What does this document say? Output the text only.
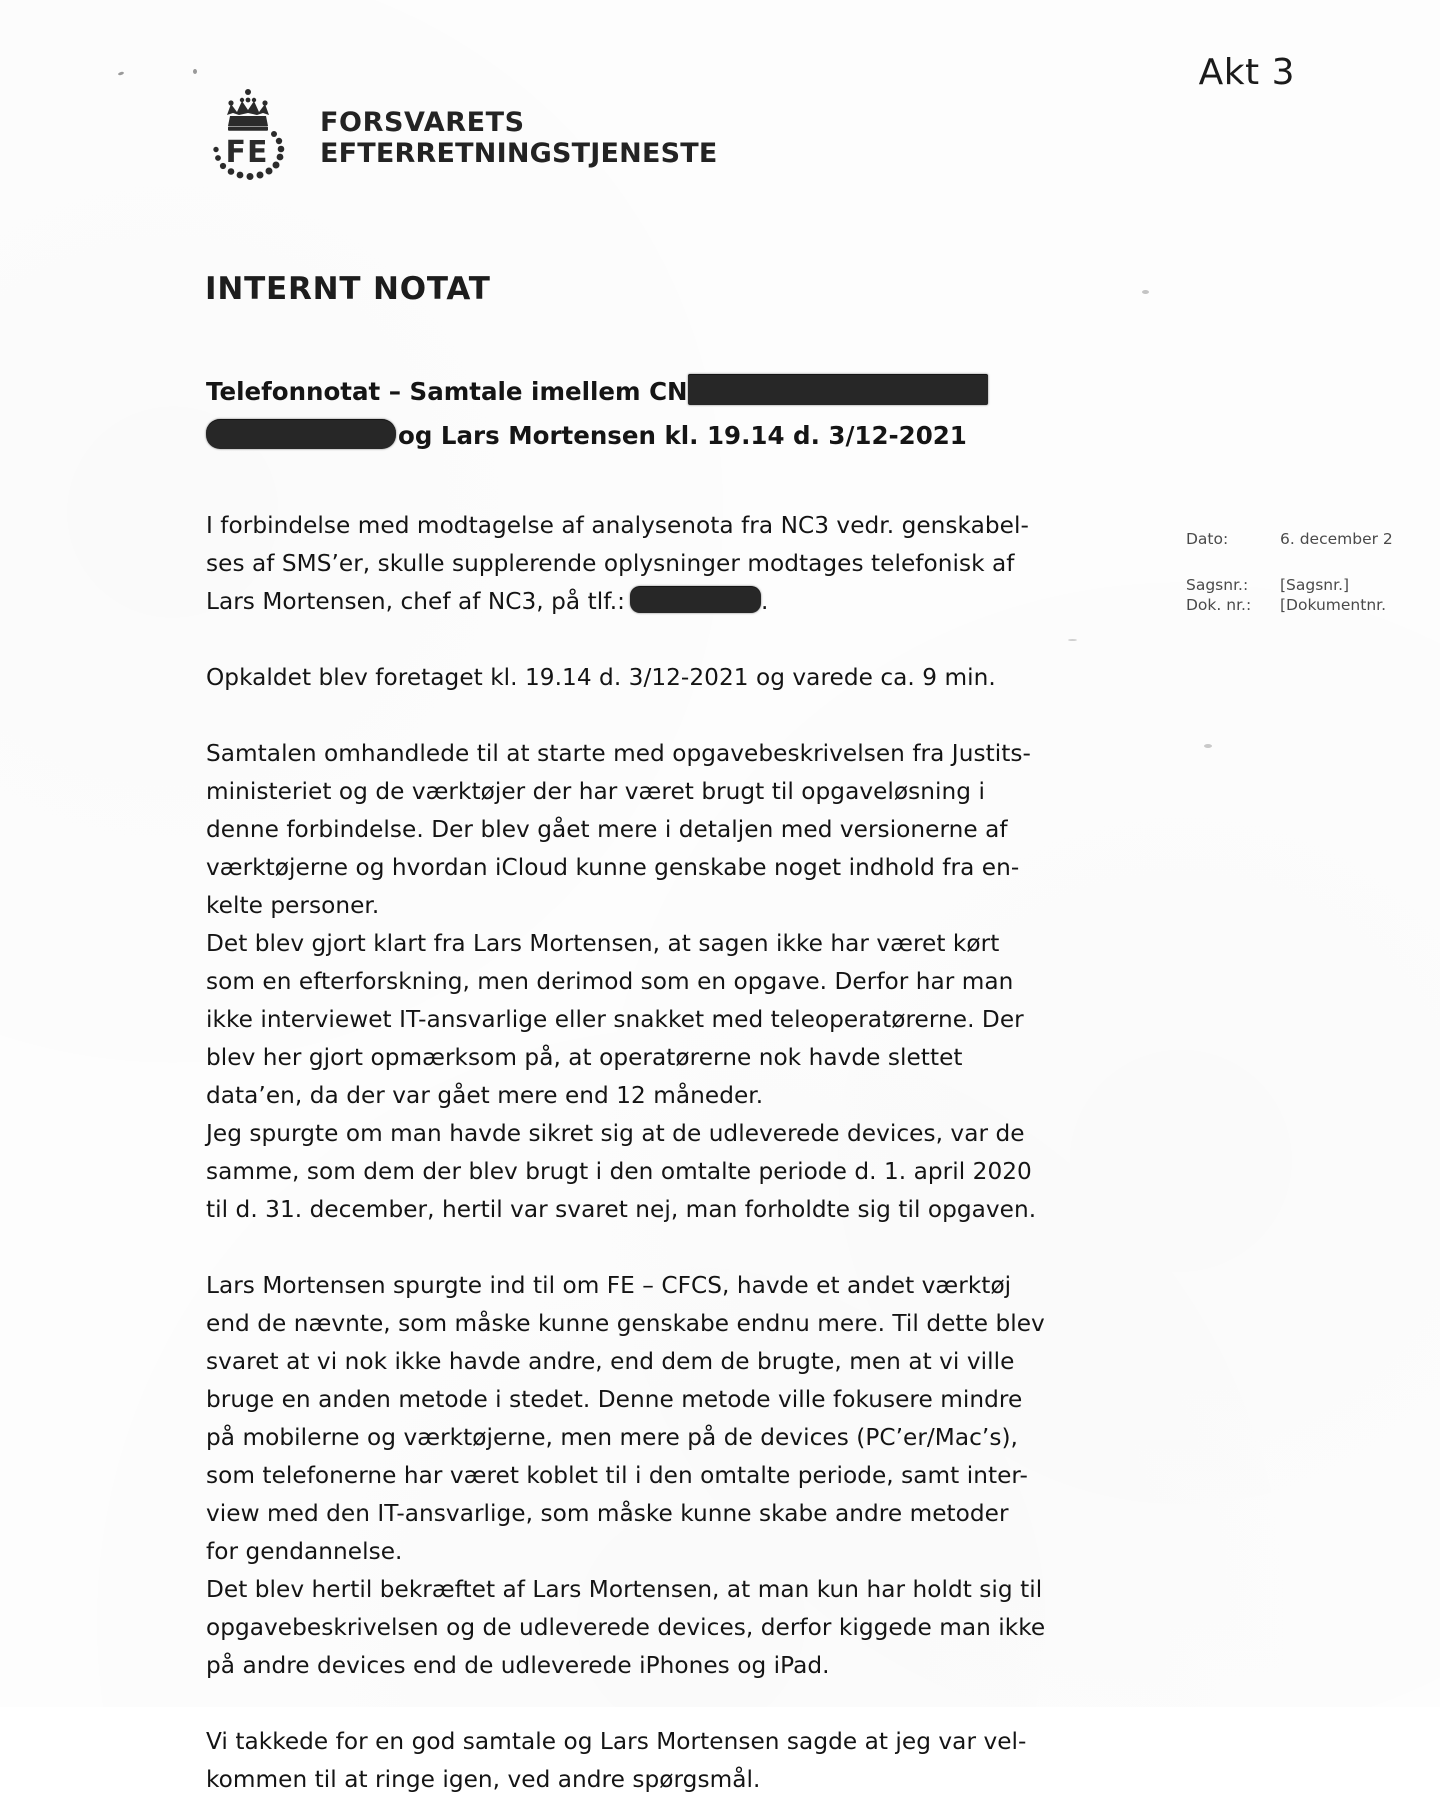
Akt 3
FE
FORSVARETS
EFTERRETNINGSTJENESTE
INTERNT NOTAT
Telefonnotat – Samtale imellem CN
og Lars Mortensen kl. 19.14 d. 3/12-2021
Dato:	6. december 2
Sagsnr.:	[Sagsnr.]
Dok. nr.:	[Dokumentnr.

I forbindelse med modtagelse af analysenota fra NC3 vedr. genskabel-
ses af SMS’er, skulle supplerende oplysninger modtages telefonisk af
Lars Mortensen, chef af NC3, på tlf.:	.

Opkaldet blev foretaget kl. 19.14 d. 3/12-2021 og varede ca. 9 min.

Samtalen omhandlede til at starte med opgavebeskrivelsen fra Justits-
ministeriet og de værktøjer der har været brugt til opgaveløsning i
denne forbindelse. Der blev gået mere i detaljen med versionerne af
værktøjerne og hvordan iCloud kunne genskabe noget indhold fra en-
kelte personer.
Det blev gjort klart fra Lars Mortensen, at sagen ikke har været kørt
som en efterforskning, men derimod som en opgave. Derfor har man
ikke interviewet IT-ansvarlige eller snakket med teleoperatørerne. Der
blev her gjort opmærksom på, at operatørerne nok havde slettet
data’en, da der var gået mere end 12 måneder.
Jeg spurgte om man havde sikret sig at de udleverede devices, var de
samme, som dem der blev brugt i den omtalte periode d. 1. april 2020
til d. 31. december, hertil var svaret nej, man forholdte sig til opgaven.

Lars Mortensen spurgte ind til om FE – CFCS, havde et andet værktøj
end de nævnte, som måske kunne genskabe endnu mere. Til dette blev
svaret at vi nok ikke havde andre, end dem de brugte, men at vi ville
bruge en anden metode i stedet. Denne metode ville fokusere mindre
på mobilerne og værktøjerne, men mere på de devices (PC’er/Mac’s),
som telefonerne har været koblet til i den omtalte periode, samt inter-
view med den IT-ansvarlige, som måske kunne skabe andre metoder
for gendannelse.
Det blev hertil bekræftet af Lars Mortensen, at man kun har holdt sig til
opgavebeskrivelsen og de udleverede devices, derfor kiggede man ikke
på andre devices end de udleverede iPhones og iPad.

Vi takkede for en god samtale og Lars Mortensen sagde at jeg var vel-
kommen til at ringe igen, ved andre spørgsmål.
